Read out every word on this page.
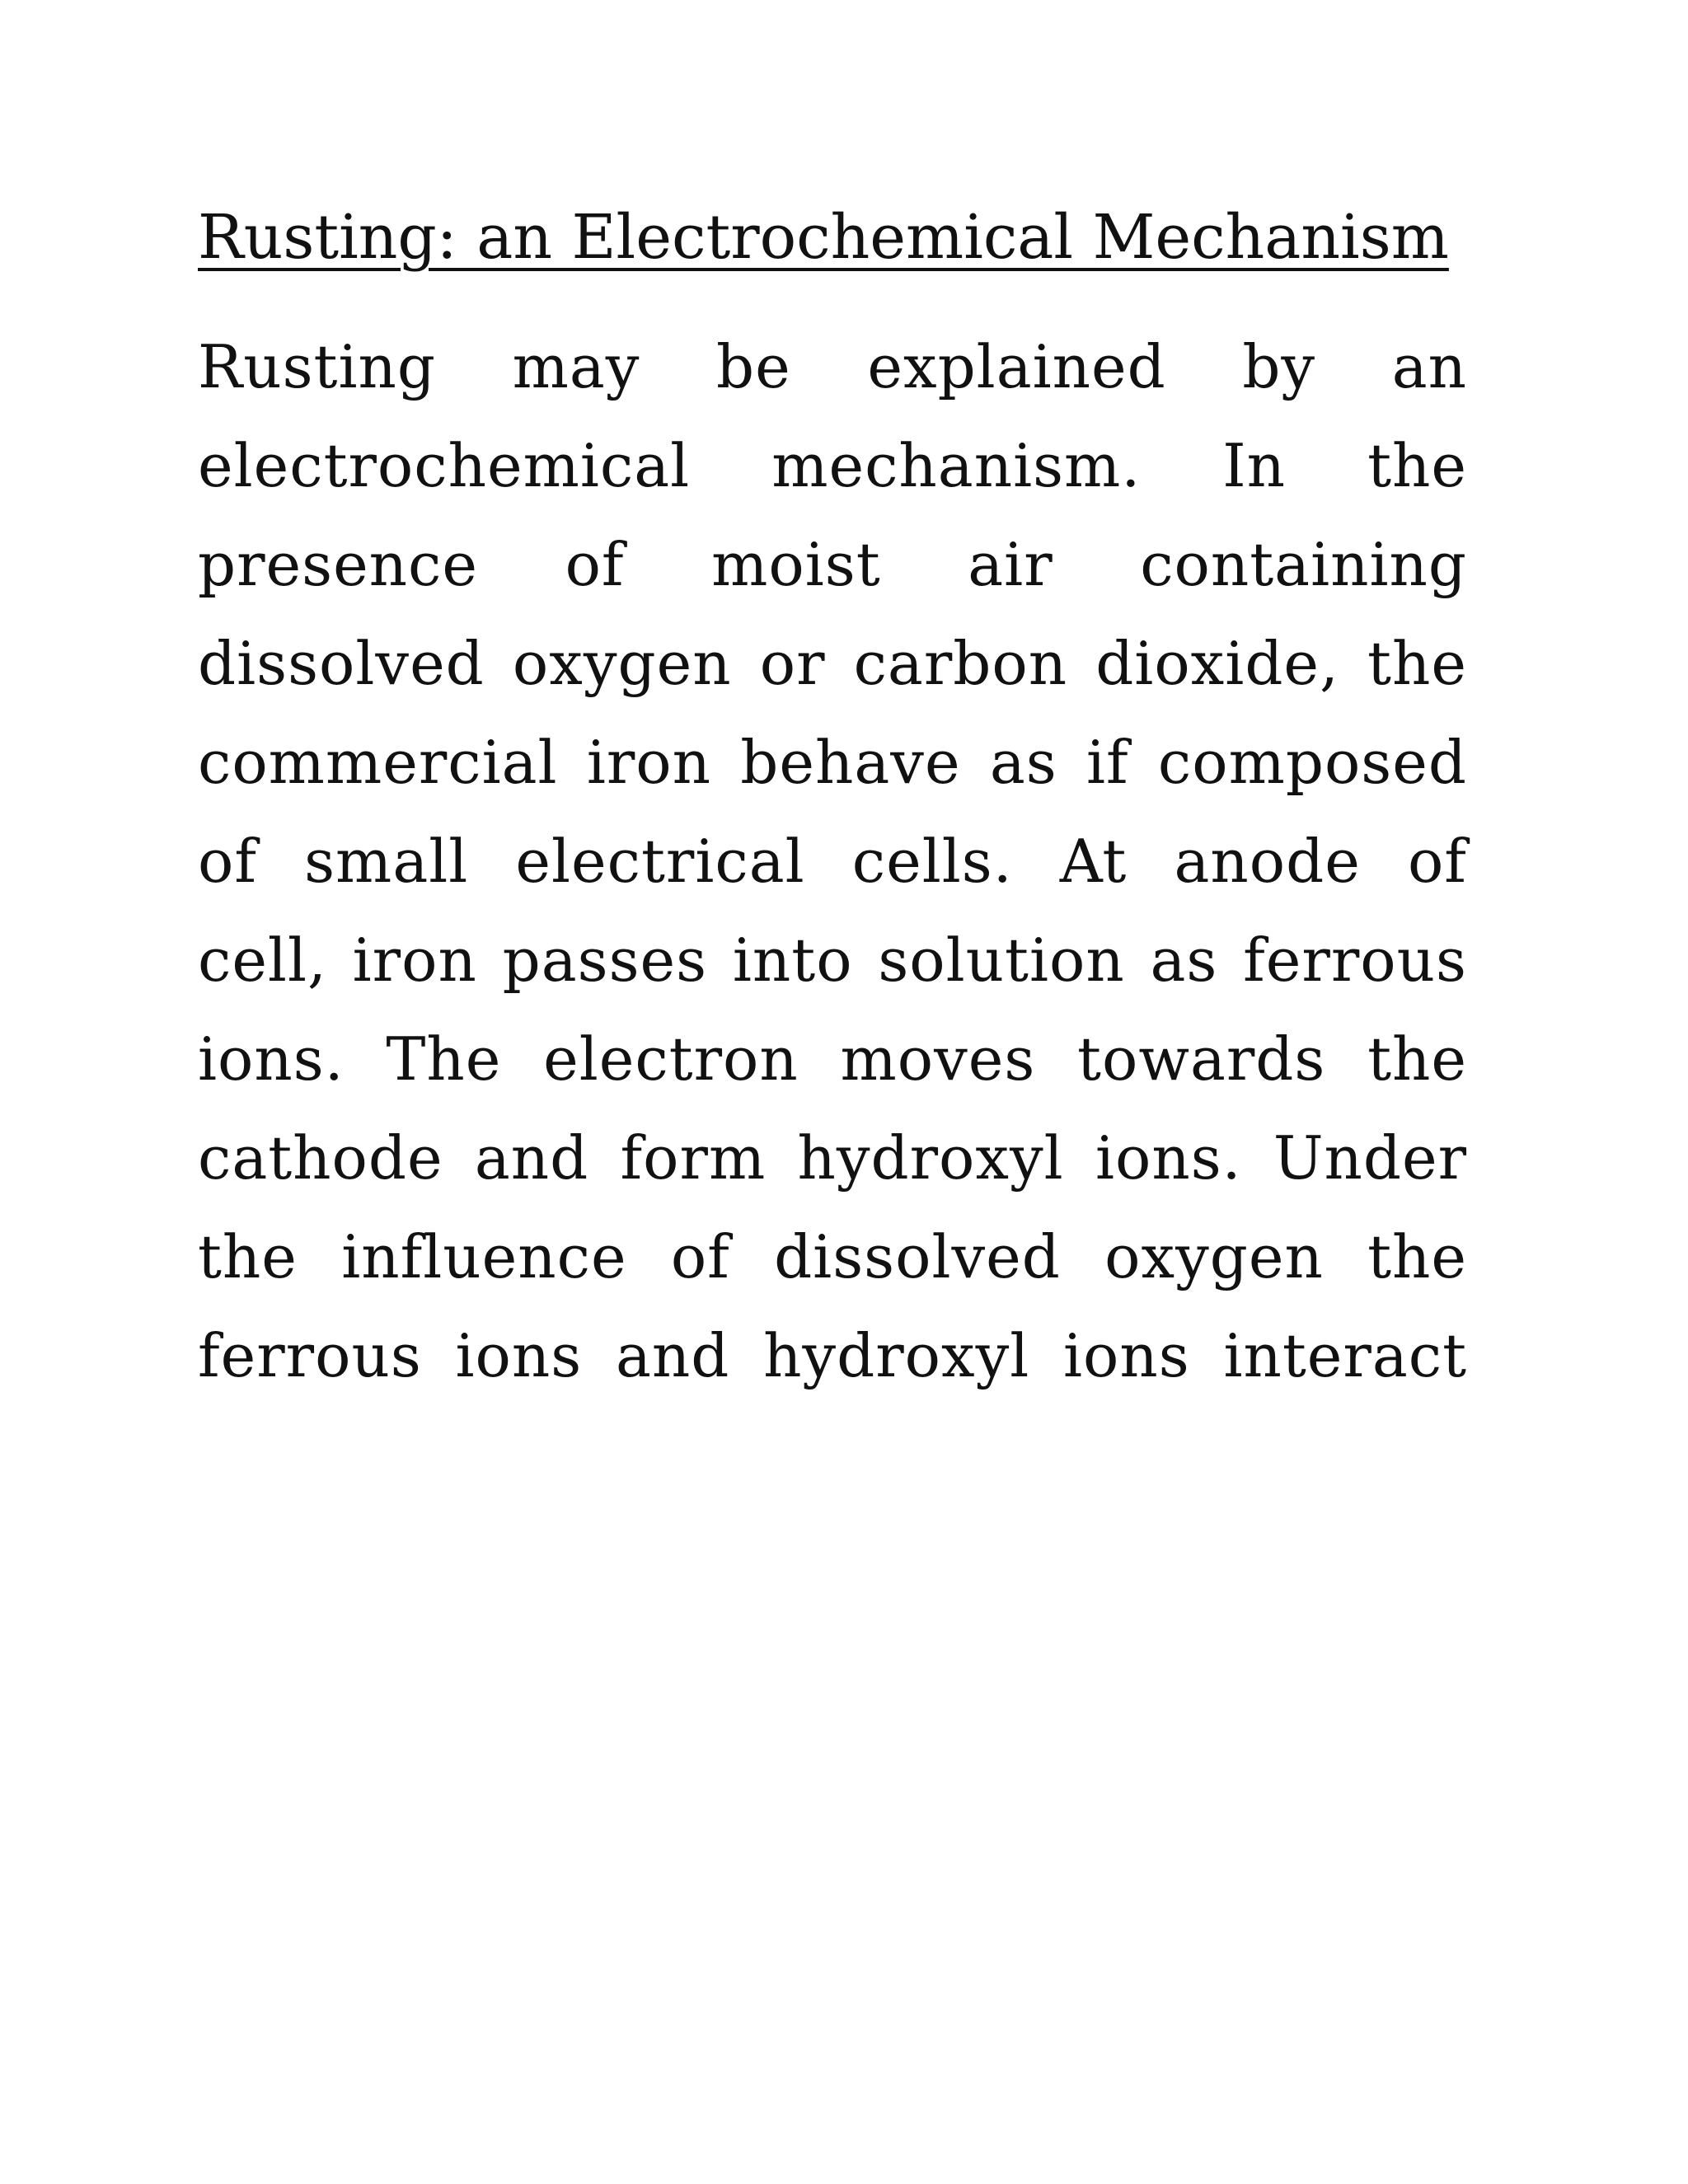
Rusting: an Electrochemical Mechanism
Rusting may be explained by an
electrochemical mechanism. In the
presence of moist air containing
dissolved oxygen or carbon dioxide, the
commercial iron behave as if composed
of small electrical cells. At anode of
cell, iron passes into solution as ferrous
ions. The electron moves towards the
cathode and form hydroxyl ions. Under
the influence of dissolved oxygen the
ferrous ions and hydroxyl ions interact
